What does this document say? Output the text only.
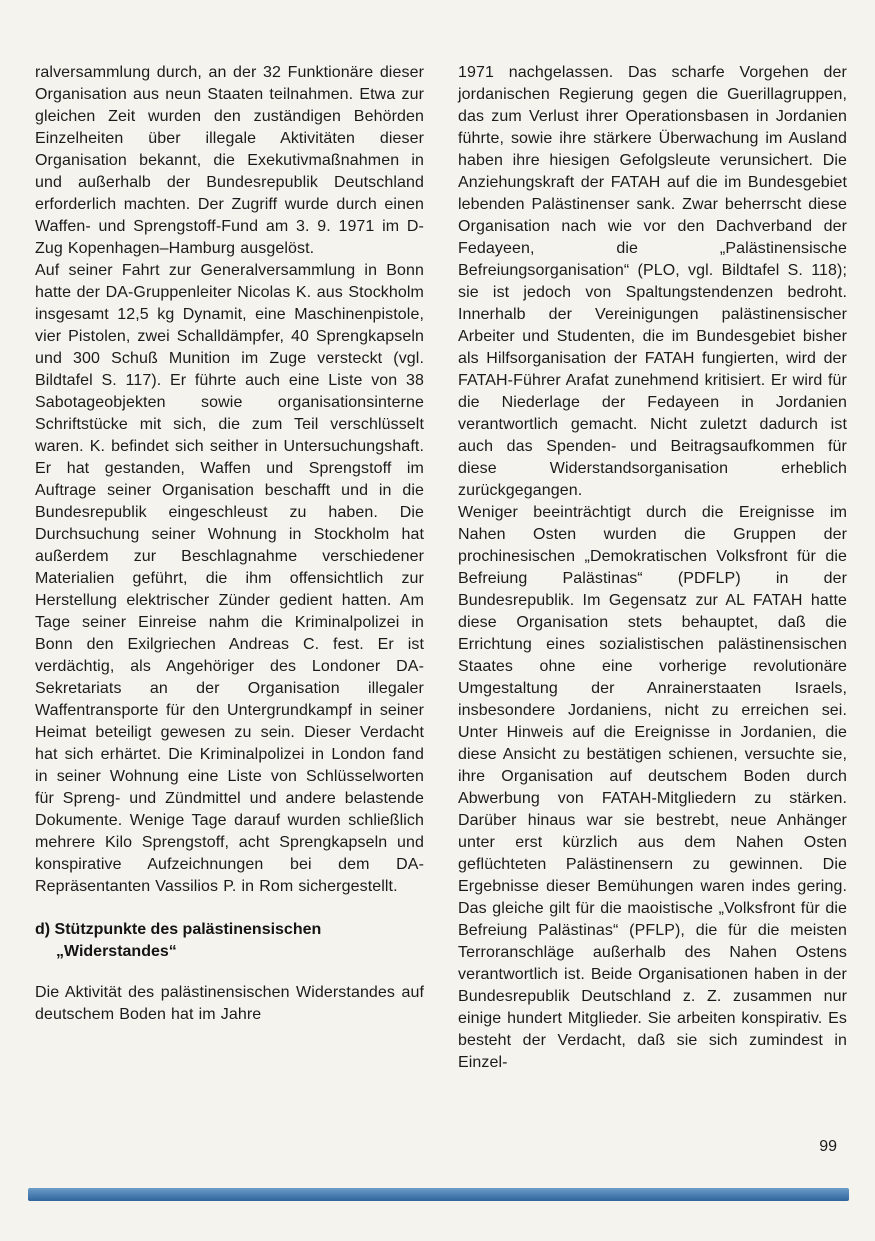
ralversammlung durch, an der 32 Funktionäre dieser Organisation aus neun Staaten teilnahmen. Etwa zur gleichen Zeit wurden den zuständigen Behörden Einzelheiten über illegale Aktivitäten dieser Organisation bekannt, die Exekutivmaßnahmen in und außerhalb der Bundesrepublik Deutschland erforderlich machten. Der Zugriff wurde durch einen Waffen- und Sprengstoff-Fund am 3. 9. 1971 im D-Zug Kopenhagen–Hamburg ausgelöst.

Auf seiner Fahrt zur Generalversammlung in Bonn hatte der DA-Gruppenleiter Nicolas K. aus Stockholm insgesamt 12,5 kg Dynamit, eine Maschinenpistole, vier Pistolen, zwei Schalldämpfer, 40 Sprengkapseln und 300 Schuß Munition im Zuge versteckt (vgl. Bildtafel S. 117). Er führte auch eine Liste von 38 Sabotageobjekten sowie organisationsinterne Schriftstücke mit sich, die zum Teil verschlüsselt waren. K. befindet sich seither in Untersuchungshaft. Er hat gestanden, Waffen und Sprengstoff im Auftrage seiner Organisation beschafft und in die Bundesrepublik eingeschleust zu haben. Die Durchsuchung seiner Wohnung in Stockholm hat außerdem zur Beschlagnahme verschiedener Materialien geführt, die ihm offensichtlich zur Herstellung elektrischer Zünder gedient hatten. Am Tage seiner Einreise nahm die Kriminalpolizei in Bonn den Exilgriechen Andreas C. fest. Er ist verdächtig, als Angehöriger des Londoner DA-Sekretariats an der Organisation illegaler Waffentransporte für den Untergrundkampf in seiner Heimat beteiligt gewesen zu sein. Dieser Verdacht hat sich erhärtet. Die Kriminalpolizei in London fand in seiner Wohnung eine Liste von Schlüsselworten für Spreng- und Zündmittel und andere belastende Dokumente. Wenige Tage darauf wurden schließlich mehrere Kilo Sprengstoff, acht Sprengkapseln und konspirative Aufzeichnungen bei dem DA-Repräsentanten Vassilios P. in Rom sichergestellt.

d) Stützpunkte des palästinensischen
„Widerstandes“

Die Aktivität des palästinensischen Widerstandes auf deutschem Boden hat im Jahre

1971 nachgelassen. Das scharfe Vorgehen der jordanischen Regierung gegen die Guerillagruppen, das zum Verlust ihrer Operationsbasen in Jordanien führte, sowie ihre stärkere Überwachung im Ausland haben ihre hiesigen Gefolgsleute verunsichert. Die Anziehungskraft der FATAH auf die im Bundesgebiet lebenden Palästinenser sank. Zwar beherrscht diese Organisation nach wie vor den Dachverband der Fedayeen, die „Palästinensische Befreiungsorganisation“ (PLO, vgl. Bildtafel S. 118); sie ist jedoch von Spaltungstendenzen bedroht. Innerhalb der Vereinigungen palästinensischer Arbeiter und Studenten, die im Bundesgebiet bisher als Hilfsorganisation der FATAH fungierten, wird der FATAH-Führer Arafat zunehmend kritisiert. Er wird für die Niederlage der Fedayeen in Jordanien verantwortlich gemacht. Nicht zuletzt dadurch ist auch das Spenden- und Beitragsaufkommen für diese Widerstandsorganisation erheblich zurückgegangen.

Weniger beeinträchtigt durch die Ereignisse im Nahen Osten wurden die Gruppen der prochinesischen „Demokratischen Volksfront für die Befreiung Palästinas“ (PDFLP) in der Bundesrepublik. Im Gegensatz zur AL FATAH hatte diese Organisation stets behauptet, daß die Errichtung eines sozialistischen palästinensischen Staates ohne eine vorherige revolutionäre Umgestaltung der Anrainerstaaten Israels, insbesondere Jordaniens, nicht zu erreichen sei. Unter Hinweis auf die Ereignisse in Jordanien, die diese Ansicht zu bestätigen schienen, versuchte sie, ihre Organisation auf deutschem Boden durch Abwerbung von FATAH-Mitgliedern zu stärken. Darüber hinaus war sie bestrebt, neue Anhänger unter erst kürzlich aus dem Nahen Osten geflüchteten Palästinensern zu gewinnen. Die Ergebnisse dieser Bemühungen waren indes gering. Das gleiche gilt für die maoistische „Volksfront für die Befreiung Palästinas“ (PFLP), die für die meisten Terroranschläge außerhalb des Nahen Ostens verantwortlich ist. Beide Organisationen haben in der Bundesrepublik Deutschland z. Z. zusammen nur einige hundert Mitglieder. Sie arbeiten konspirativ. Es besteht der Verdacht, daß sie sich zumindest in Einzel-

99
